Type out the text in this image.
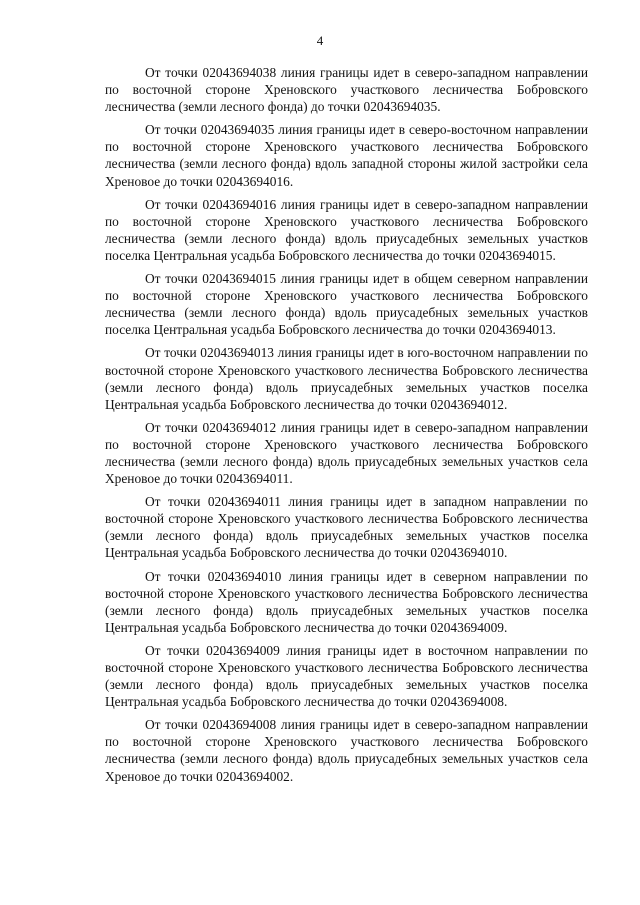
4

От точки 02043694038 линия границы идет в северо-западном направлении по восточной стороне Хреновского участкового лесничества Бобровского лесничества (земли лесного фонда) до точки 02043694035.

От точки 02043694035 линия границы идет в северо-восточном направлении по восточной стороне Хреновского участкового лесничества Бобровского лесничества (земли лесного фонда) вдоль западной стороны жилой застройки села Хреновое до точки 02043694016.

От точки 02043694016 линия границы идет в северо-западном направлении по восточной стороне Хреновского участкового лесничества Бобровского лесничества (земли лесного фонда) вдоль приусадебных земельных участков поселка Центральная усадьба Бобровского лесничества до точки 02043694015.

От точки 02043694015 линия границы идет в общем северном направлении по восточной стороне Хреновского участкового лесничества Бобровского лесничества (земли лесного фонда) вдоль приусадебных земельных участков поселка Центральная усадьба Бобровского лесничества до точки 02043694013.

От точки 02043694013 линия границы идет в юго-восточном направлении по восточной стороне Хреновского участкового лесничества Бобровского лесничества (земли лесного фонда) вдоль приусадебных земельных участков поселка Центральная усадьба Бобровского лесничества до точки 02043694012.

От точки 02043694012 линия границы идет в северо-западном направлении по восточной стороне Хреновского участкового лесничества Бобровского лесничества (земли лесного фонда) вдоль приусадебных земельных участков села Хреновое до точки 02043694011.

От точки 02043694011 линия границы идет в западном направлении по восточной стороне Хреновского участкового лесничества Бобровского лесничества (земли лесного фонда) вдоль приусадебных земельных участков поселка Центральная усадьба Бобровского лесничества до точки 02043694010.

От точки 02043694010 линия границы идет в северном направлении по восточной стороне Хреновского участкового лесничества Бобровского лесничества (земли лесного фонда) вдоль приусадебных земельных участков поселка Центральная усадьба Бобровского лесничества до точки 02043694009.

От точки 02043694009 линия границы идет в восточном направлении по восточной стороне Хреновского участкового лесничества Бобровского лесничества (земли лесного фонда) вдоль приусадебных земельных участков поселка Центральная усадьба Бобровского лесничества до точки 02043694008.

От точки 02043694008 линия границы идет в северо-западном направлении по восточной стороне Хреновского участкового лесничества Бобровского лесничества (земли лесного фонда) вдоль приусадебных земельных участков села Хреновое до точки 02043694002.
